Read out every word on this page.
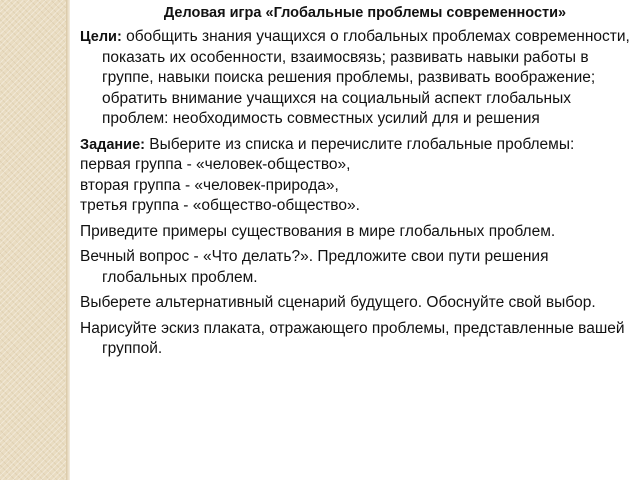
Деловая игра «Глобальные проблемы современности»

Цели: обобщить знания учащихся о глобальных проблемах современности, показать их особенности, взаимосвязь; развивать навыки работы в группе, навыки поиска решения проблемы, развивать воображение; обратить внимание учащихся на социальный аспект глобальных проблем: необходимость совместных усилий для и решения

Задание: Выберите из списка и перечислите глобальные проблемы:
первая группа - «человек-общество»,
вторая группа - «человек-природа»,
третья группа - «общество-общество».

Приведите примеры существования в мире глобальных проблем.

Вечный вопрос - «Что делать?». Предложите свои пути решения глобальных проблем.

Выберете альтернативный сценарий будущего. Обоснуйте свой выбор.

Нарисуйте эскиз плаката, отражающего проблемы, представленные вашей группой.
